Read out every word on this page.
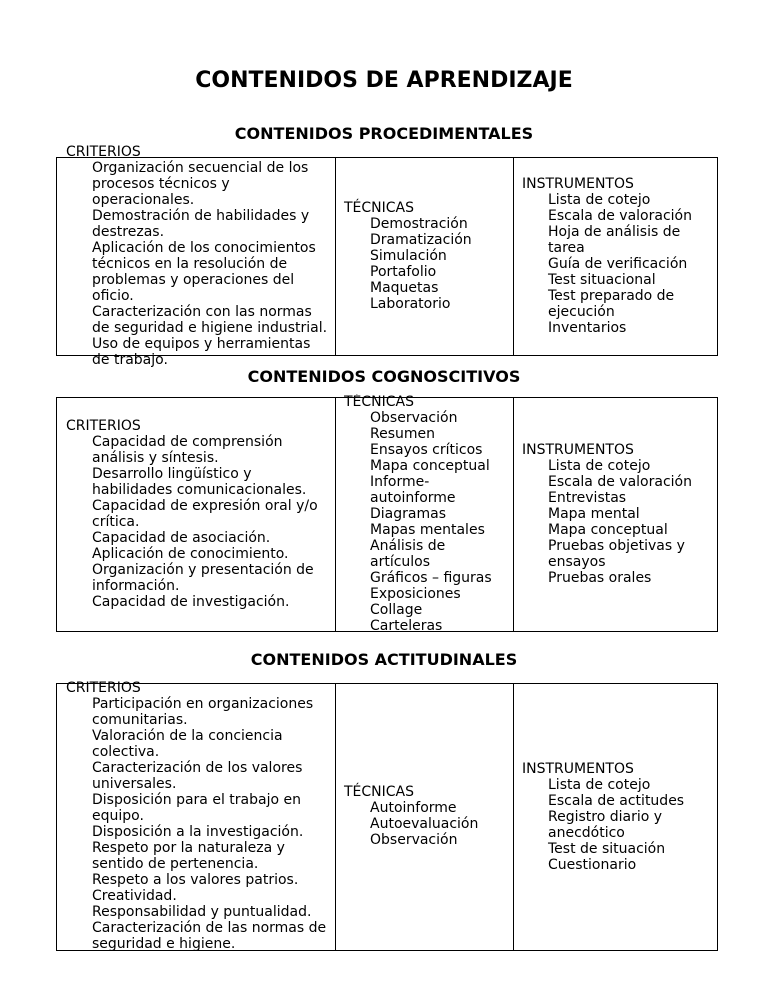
CONTENIDOS DE APRENDIZAJE
CONTENIDOS PROCEDIMENTALES
CRITERIOS
Organización secuencial de los procesos técnicos y operacionales.
Demostración de habilidades y destrezas.
Aplicación de los conocimientos técnicos en la resolución de problemas y operaciones del oficio.
Caracterización con las normas de seguridad e higiene industrial.
Uso de equipos y herramientas de trabajo.
TÉCNICAS
Demostración
Dramatización
Simulación
Portafolio
Maquetas
Laboratorio
INSTRUMENTOS
Lista de cotejo
Escala de valoración
Hoja de análisis de tarea
Guía de verificación
Test situacional
Test preparado de ejecución
Inventarios
CONTENIDOS COGNOSCITIVOS
CRITERIOS
Capacidad de comprensión análisis y síntesis.
Desarrollo lingüístico y habilidades comunicacionales.
Capacidad de expresión oral y/o crítica.
Capacidad de asociación.
Aplicación de conocimiento.
Organización y presentación de información.
Capacidad de investigación.
TÉCNICAS
Observación
Resumen
Ensayos críticos
Mapa conceptual
Informe-autoinforme
Diagramas
Mapas mentales
Análisis de artículos
Gráficos – figuras
Exposiciones
Collage
Carteleras
INSTRUMENTOS
Lista de cotejo
Escala de valoración
Entrevistas
Mapa mental
Mapa conceptual
Pruebas objetivas y ensayos
Pruebas orales
CONTENIDOS ACTITUDINALES
CRITERIOS
Participación en organizaciones comunitarias.
Valoración de la conciencia colectiva.
Caracterización de los valores universales.
Disposición para el trabajo en equipo.
Disposición a la investigación.
Respeto por la naturaleza y sentido de pertenencia.
Respeto a los valores patrios.
Creatividad.
Responsabilidad y puntualidad.
Caracterización de las normas de seguridad e higiene.
TÉCNICAS
Autoinforme
Autoevaluación
Observación
INSTRUMENTOS
Lista de cotejo
Escala de actitudes
Registro diario y anecdótico
Test de situación
Cuestionario
